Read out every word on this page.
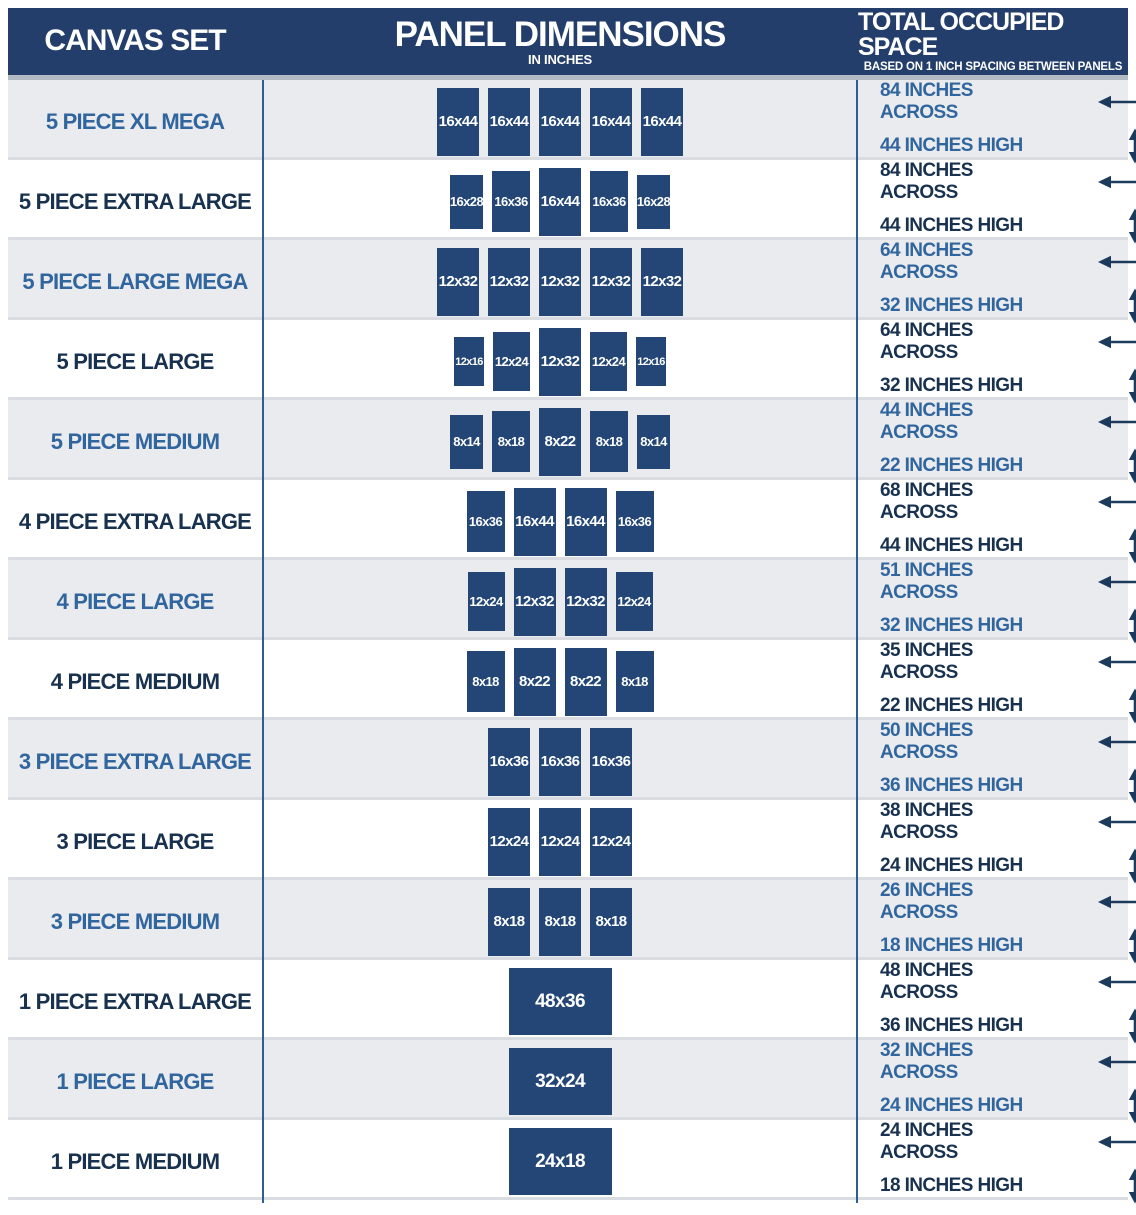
CANVAS SET	PANEL DIMENSIONS
IN INCHES
TOTAL OCCUPIED SPACE
BASED ON 1 INCH SPACING BETWEEN PANELS
5 PIECE XL MEGA	16x44 16x44 16x44 16x44 16x44
84 INCHES ACROSS
44 INCHES HIGH
5 PIECE EXTRA LARGE	16x28 16x36 16x44 16x36 16x28
84 INCHES ACROSS
44 INCHES HIGH
5 PIECE LARGE MEGA	12x32 12x32 12x32 12x32 12x32
64 INCHES ACROSS
32 INCHES HIGH
5 PIECE LARGE	12x16 12x24 12x32 12x24 12x16
64 INCHES ACROSS
32 INCHES HIGH
5 PIECE MEDIUM	8x14	8x18	8x22	8x18	8x14
44 INCHES ACROSS
22 INCHES HIGH
4 PIECE EXTRA LARGE	16x36 16x44 16x44 16x36
68 INCHES ACROSS
44 INCHES HIGH
4 PIECE LARGE	12x24 12x32 12x32 12x24
51 INCHES ACROSS
32 INCHES HIGH
4 PIECE MEDIUM	8x18	8x22	8x22	8x18
35 INCHES ACROSS
22 INCHES HIGH
3 PIECE EXTRA LARGE	16x36 16x36 16x36
50 INCHES ACROSS
36 INCHES HIGH
3 PIECE LARGE	12x24 12x24 12x24
38 INCHES ACROSS
24 INCHES HIGH
3 PIECE MEDIUM	8x18	8x18	8x18
26 INCHES ACROSS
18 INCHES HIGH
1 PIECE EXTRA LARGE	48x36
48 INCHES ACROSS
36 INCHES HIGH
1 PIECE LARGE	32x24
32 INCHES ACROSS
24 INCHES HIGH
1 PIECE MEDIUM	24x18
24 INCHES ACROSS
18 INCHES HIGH
